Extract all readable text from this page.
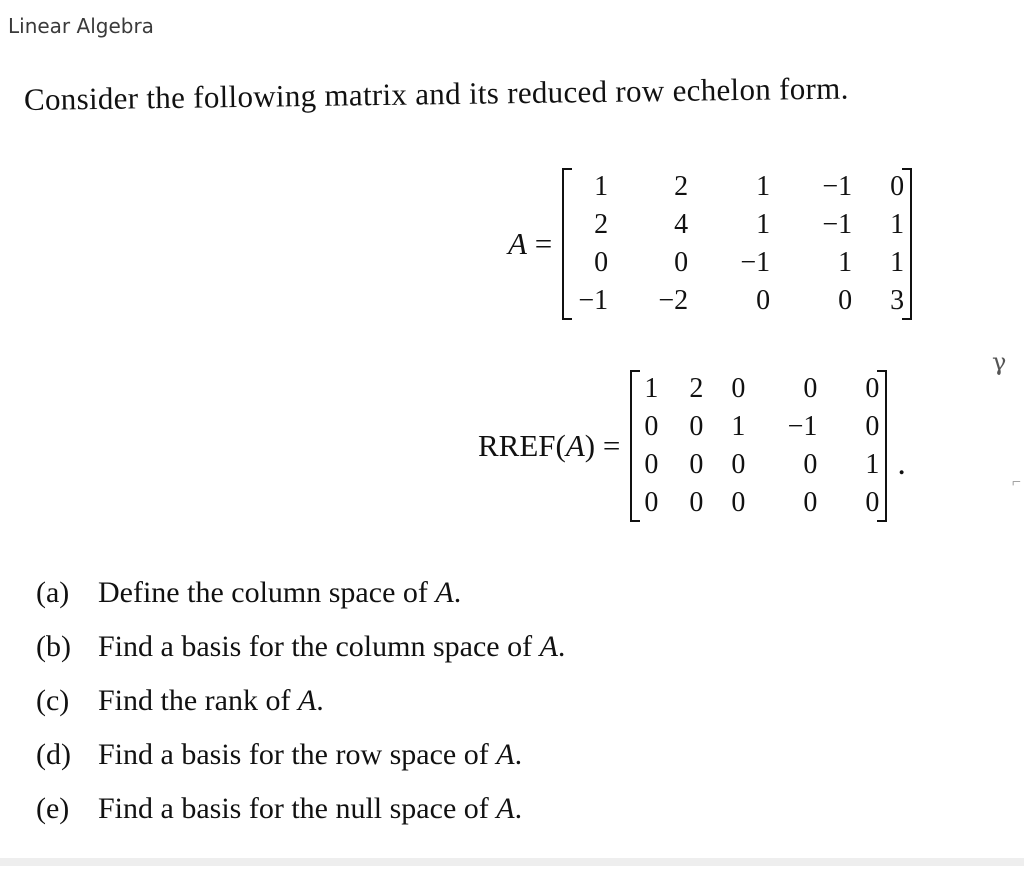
Linear Algebra
Consider the following matrix and its reduced row echelon form.
A =
1	2	1	−1	0
2	4	1	−1	1
0	0	−1	1	1
−1	−2	0	0	3
RREF(A) =
1	2	0	0	0
0	0	1	−1	0
0	0	0	0	1
0	0	0	0	0
.
(a) Define the column space of A.
(b) Find a basis for the column space of A.
(c) Find the rank of A.
(d) Find a basis for the row space of A.
(e) Find a basis for the null space of A.
γ
⌐
